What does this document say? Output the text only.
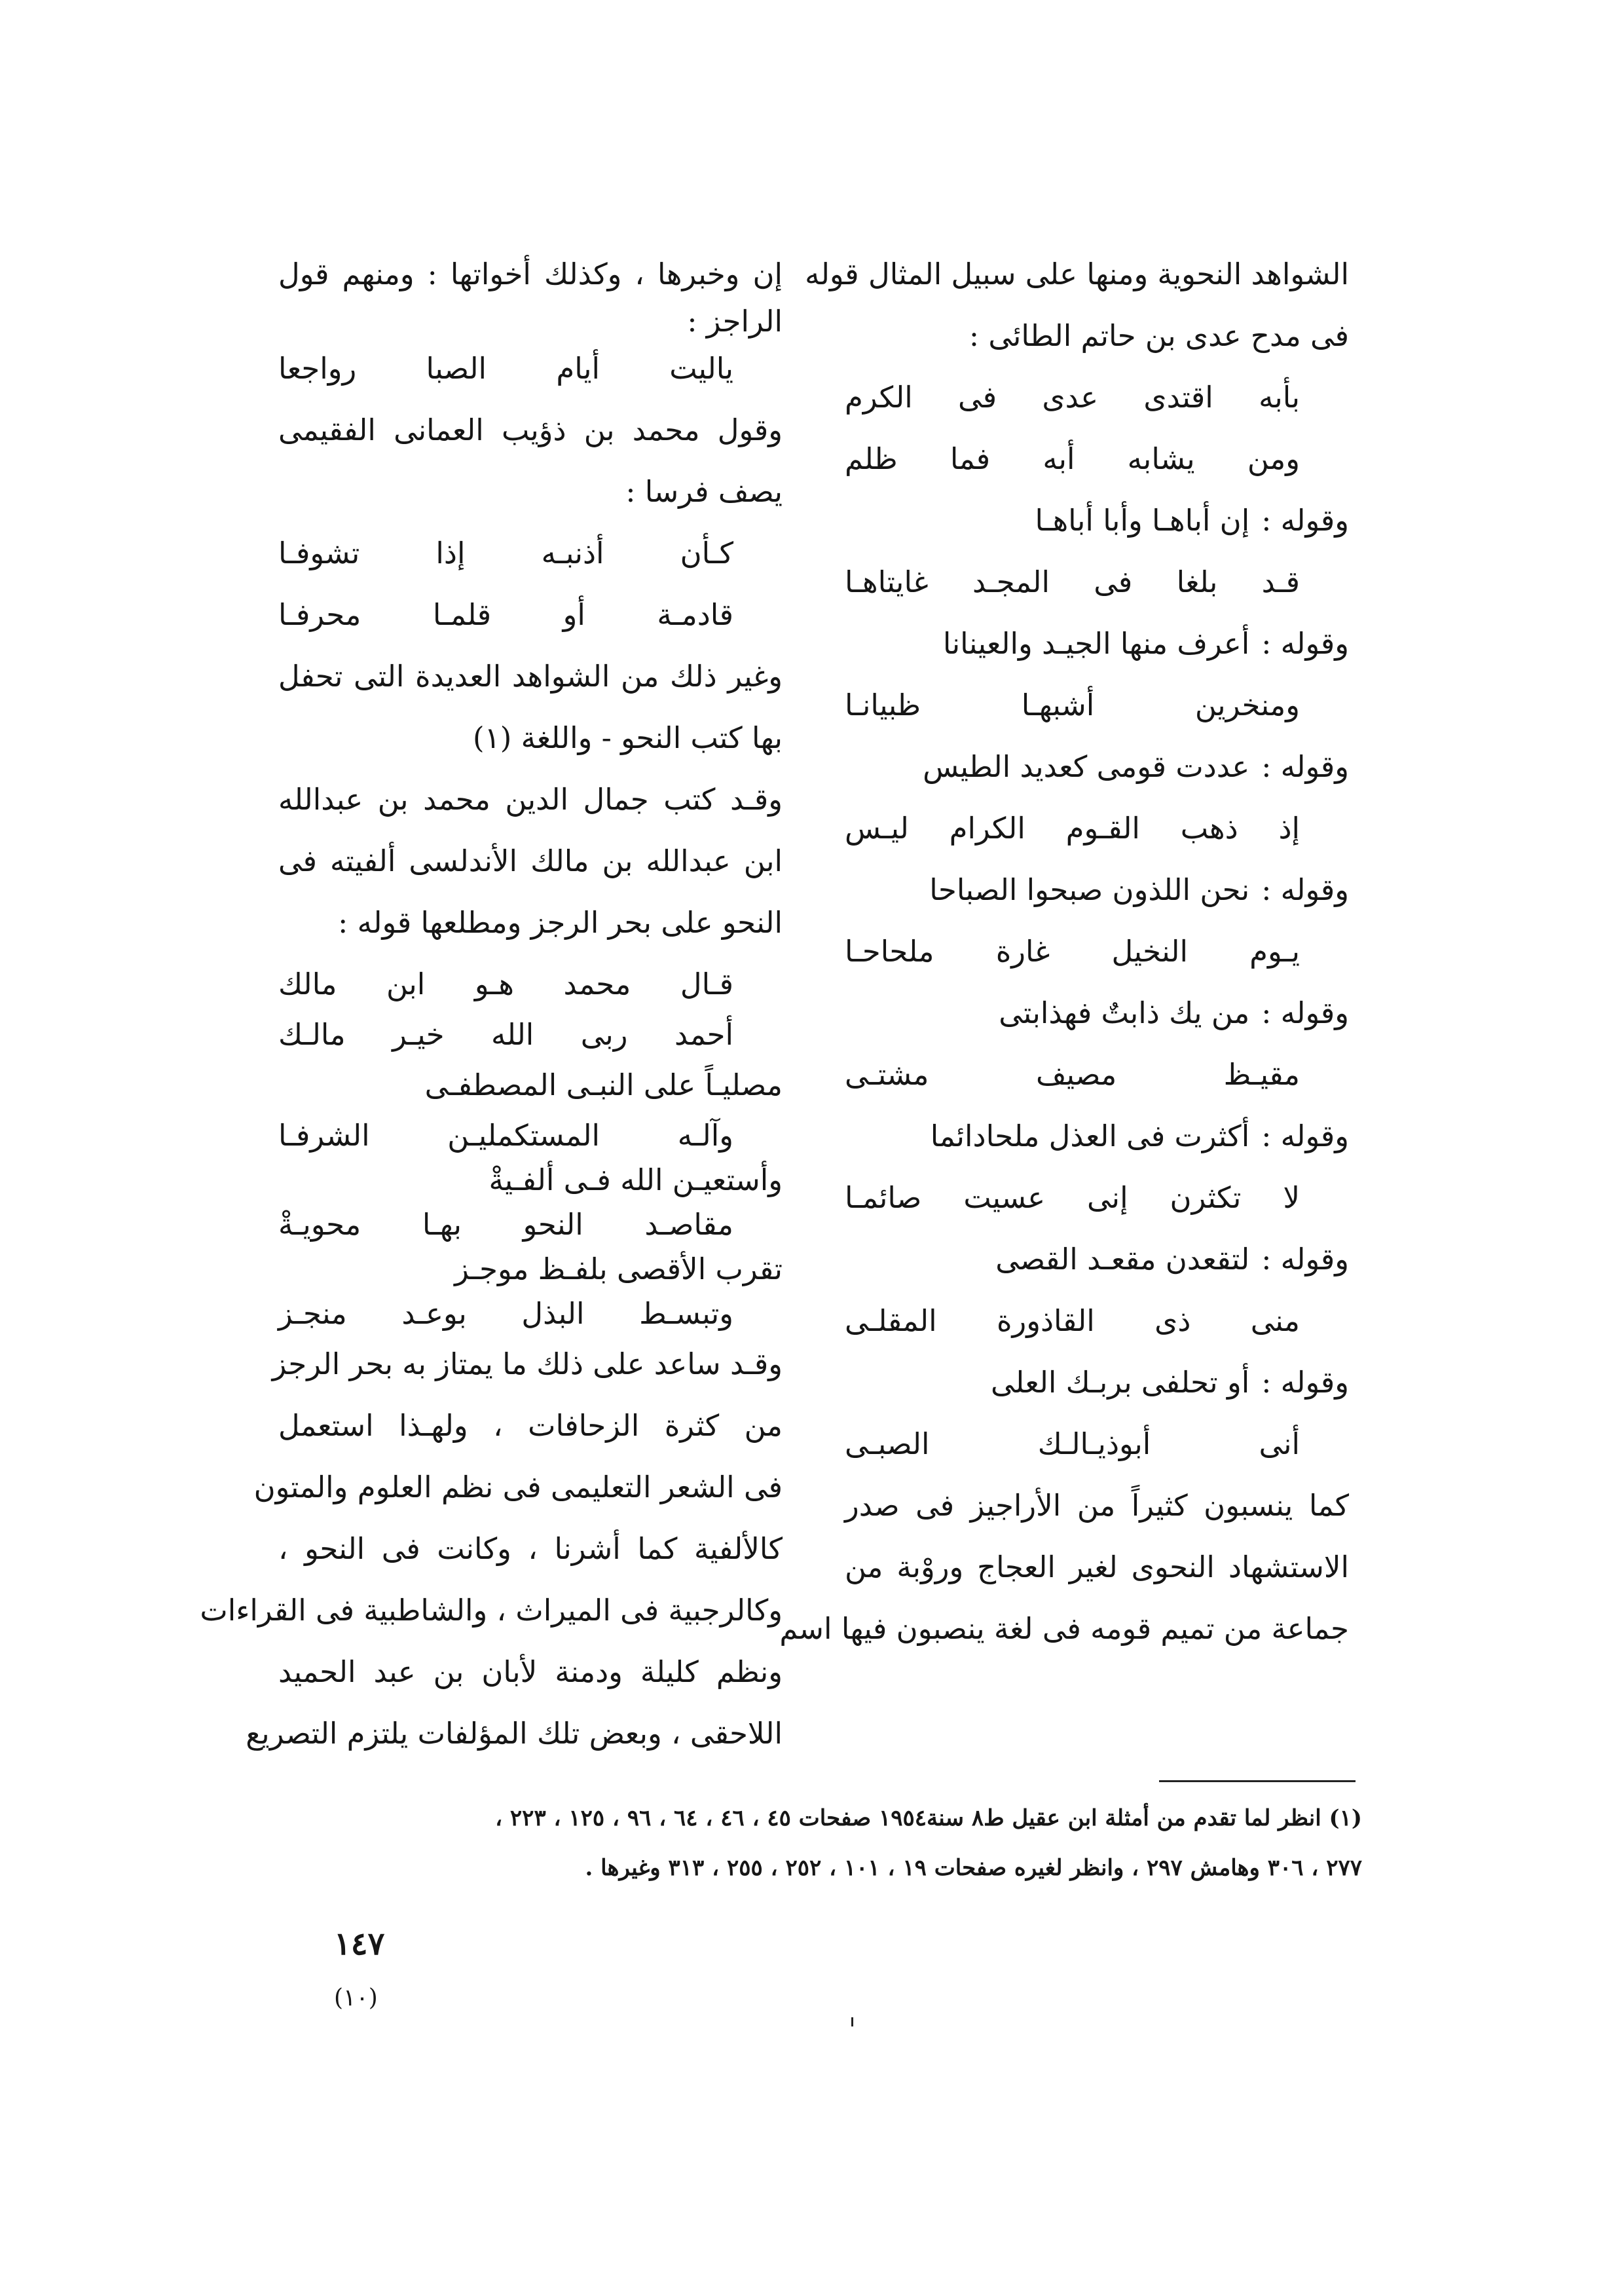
الشواهد النحوية ومنها على سبيل المثال قوله
فى مدح عدى بن حاتم الطائى :
بأبه اقتدى عدى فى الكرم
ومن يشابه أبه فما ظلم
وقوله :إن أباهـا وأبا أباهـا
قـد بلغا فى المجـد غايتاهـا
وقوله :أعرف منها الجيـد والعينانا
ومنخرين أشبهـا ظبيانـا
وقوله :عددت قومى كعديد الطيس
إذ ذهب القـوم الكرام ليـس
وقوله :نحن اللذون صبحوا الصباحا
يـوم النخيل غارة ملحاحـا
وقوله :من يك ذابتٌ فهذابتى
مقيـظ مصيف مشتـى
وقوله :أكثرت فى العذل ملحادائما
لا تكثرن إنى عسيت صائمـا
وقوله :لتقعدن مقعـد القصى
منى ذى القاذورة المقلـى
وقوله :أو تحلفى بربـك العلى
أنى أبوذيـالـك الصبـى
كما ينسبون كثيراً من الأراجيز فى صدر
الاستشهاد النحوى لغير العجاج وروْبة من
جماعة من تميم قومه فى لغة ينصبون فيها اسم
إن وخبرها ، وكذلك أخواتها : ومنهم قول
الراجز :
ياليت أيام الصبا رواجعا
وقول محمد بن ذؤيب العمانى الفقيمى
يصف فرسا :
كـأن أذنبـه إذا تشوفـا
قادمـة أو قلمـا محرفـا
وغير ذلك من الشواهد العديدة التى تحفل
بها كتب النحو - واللغة (١)
وقـد كتب جمال الدين محمد بن عبدالله
ابن عبدالله بن مالك الأندلسى ألفيته فى
النحو على بحر الرجز ومطلعها قوله :
قـال محمد هـو ابن مالك
أحمد ربى الله خيـر مالـك
مصليـاً على النبـى المصطفـى
وآلـه المستكمليـن الشرفـا
وأستعيـن الله فـى ألفـيةْ
مقاصـد النحو بهـا محويـةْ
تقرب الأقصى بلفـظ موجـز
وتبسـط البذل بوعـد منجـز
وقـد ساعد على ذلك ما يمتاز به بحر الرجز
من كثرة الزحافات ، ولهـذا استعمل
فى الشعر التعليمى فى نظم العلوم والمتون
كالألفية كما أشرنا ، وكانت فى النحو ،
وكالرجبية فى الميراث ، والشاطبية فى القراءات
ونظم كليلة ودمنة لأبان بن عبد الحميد
اللاحقى ، وبعض تلك المؤلفات يلتزم التصريع
(١) انظر لما تقدم من أمثلة ابن عقيل ط٨ سنة١٩٥٤ صفحات ٤٥ ، ٤٦ ، ٦٤ ، ٩٦ ، ١٢٥ ، ٢٢٣ ،
٢٧٧ ، ٣٠٦ وهامش ٢٩٧ ، وانظر لغيره صفحات ١٩ ، ١٠١ ، ٢٥٢ ، ٢٥٥ ، ٣١٣ وغيرها .
١٤٧
(١٠)
